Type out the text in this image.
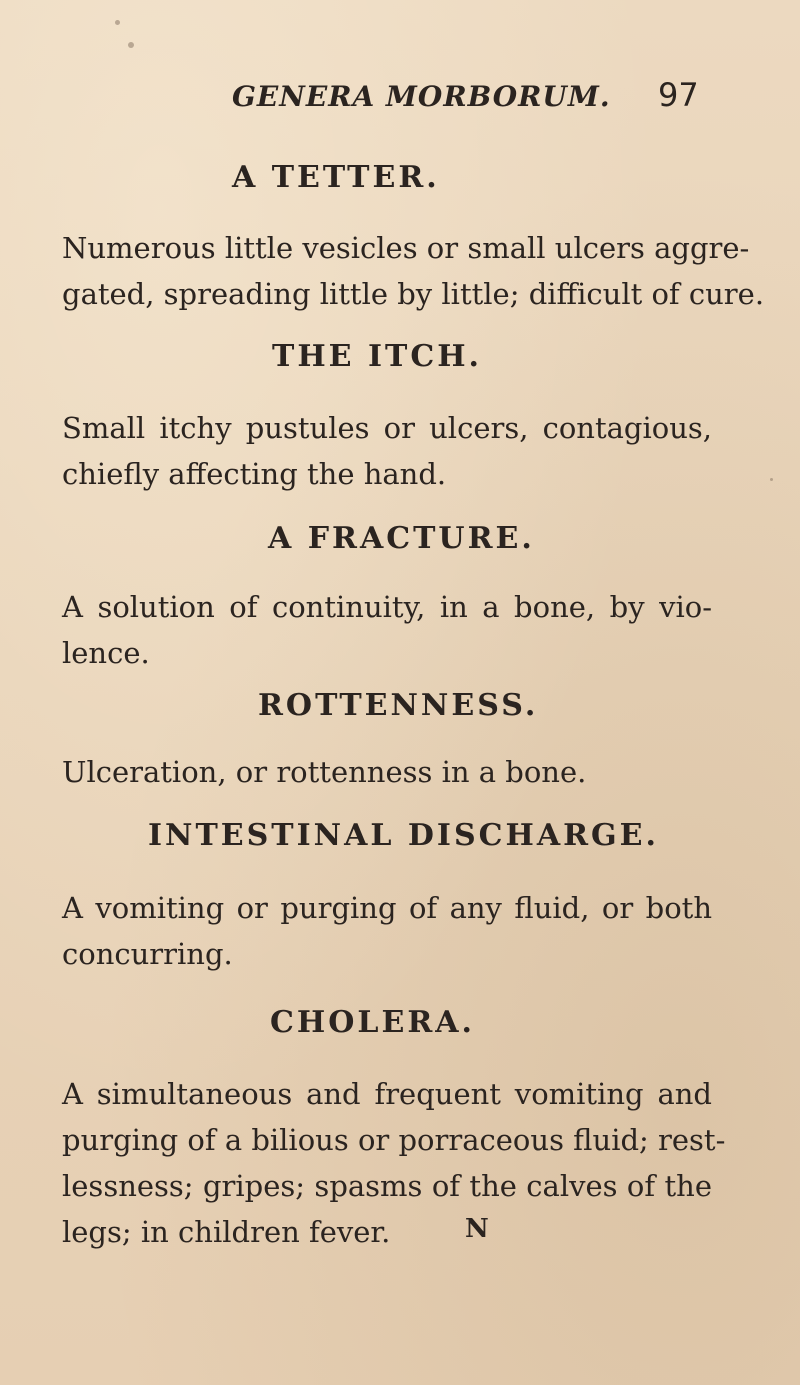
GENERA MORBORUM. 97
A TETTER.
Numerous little vesicles or small ulcers aggre-
gated, spreading little by little; difficult of cure.
THE ITCH.
Small itchy pustules or ulcers, contagious,
chiefly affecting the hand.
A FRACTURE.
A solution of continuity, in a bone, by vio-
lence.
ROTTENNESS.
Ulceration, or rottenness in a bone.
INTESTINAL DISCHARGE.
A vomiting or purging of any fluid, or both
concurring.
CHOLERA.
A simultaneous and frequent vomiting and
purging of a bilious or porraceous fluid; rest-
lessness; gripes; spasms of the calves of the
legs; in children fever.	N
